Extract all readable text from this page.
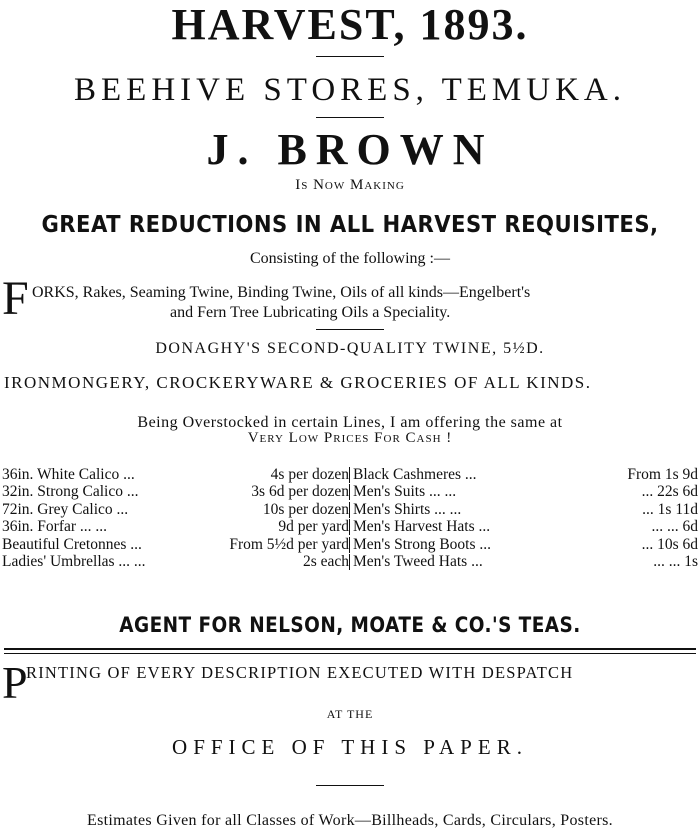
HARVEST, 1893.
BEEHIVE STORES, TEMUKA.
J. BROWN
Is Now Making
GREAT REDUCTIONS IN ALL HARVEST REQUISITES,
Consisting of the following :—
F ORKS, Rakes, Seaming Twine, Binding Twine, Oils of all kinds—Engelbert's
and Fern Tree Lubricating Oils a Speciality.
DONAGHY'S SECOND-QUALITY TWINE, 5½D.
IRONMONGERY, CROCKERYWARE & GROCERIES OF ALL KINDS.
Being Overstocked in certain Lines, I am offering the same at
Very Low Prices For Cash !
36in. White Calico ...	4s per dozen Black Cashmeres ...	From 1s 9d
32in. Strong Calico ...	3s 6d per dozen Men's Suits ... ...	... 22s 6d
72in. Grey Calico ...	10s per dozen Men's Shirts ... ...	... 1s 11d
36in. Forfar ... ...	9d per yard Men's Harvest Hats ...	... ... 6d
Beautiful Cretonnes ...	From 5½d per yard Men's Strong Boots ...	... 10s 6d
Ladies' Umbrellas ... ...	2s each Men's Tweed Hats ...	... ... 1s
AGENT FOR NELSON, MOATE & CO.'S TEAS.
P
RINTING OF EVERY DESCRIPTION EXECUTED WITH DESPATCH
AT THE
OFFICE OF THIS PAPER.
Estimates Given for all Classes of Work—Billheads, Cards, Circulars, Posters.
